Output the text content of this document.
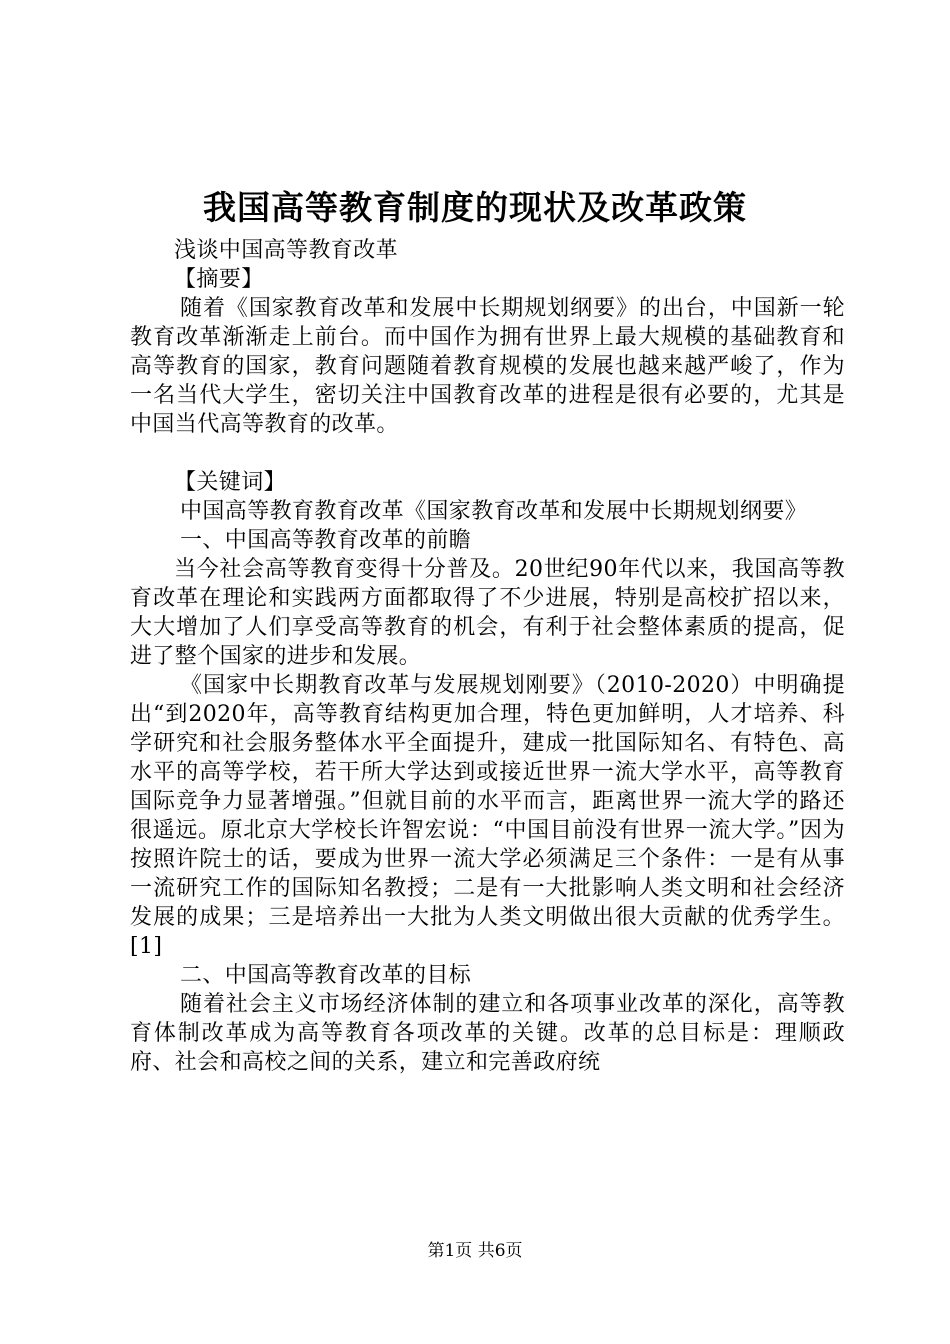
我国高等教育制度的现状及改革政策

浅谈中国高等教育改革

【摘要】

随着《国家教育改革和发展中长期规划纲要》的出台，中国新一轮教育改革渐渐走上前台。而中国作为拥有世界上最大规模的基础教育和高等教育的国家，教育问题随着教育规模的发展也越来越严峻了，作为一名当代大学生，密切关注中国教育改革的进程是很有必要的，尤其是中国当代高等教育的改革。

【关键词】

中国高等教育教育改革《国家教育改革和发展中长期规划纲要》

一、中国高等教育改革的前瞻

当今社会高等教育变得十分普及。20世纪90年代以来，我国高等教育改革在理论和实践两方面都取得了不少进展，特别是高校扩招以来，大大增加了人们享受高等教育的机会，有利于社会整体素质的提高，促进了整个国家的进步和发展。

《国家中长期教育改革与发展规划刚要》（2010-2020）中明确提出“到2020年，高等教育结构更加合理，特色更加鲜明，人才培养、科学研究和社会服务整体水平全面提升，建成一批国际知名、有特色、高水平的高等学校，若干所大学达到或接近世界一流大学水平，高等教育国际竞争力显著增强。”但就目前的水平而言，距离世界一流大学的路还很遥远。原北京大学校长许智宏说：“中国目前没有世界一流大学。”因为按照许院士的话，要成为世界一流大学必须满足三个条件：一是有从事一流研究工作的国际知名教授；二是有一大批影响人类文明和社会经济发展的成果；三是培养出一大批为人类文明做出很大贡献的优秀学生。[1]

二、中国高等教育改革的目标

随着社会主义市场经济体制的建立和各项事业改革的深化，高等教育体制改革成为高等教育各项改革的关键。改革的总目标是：理顺政府、社会和高校之间的关系，建立和完善政府统

第1页 共6页
